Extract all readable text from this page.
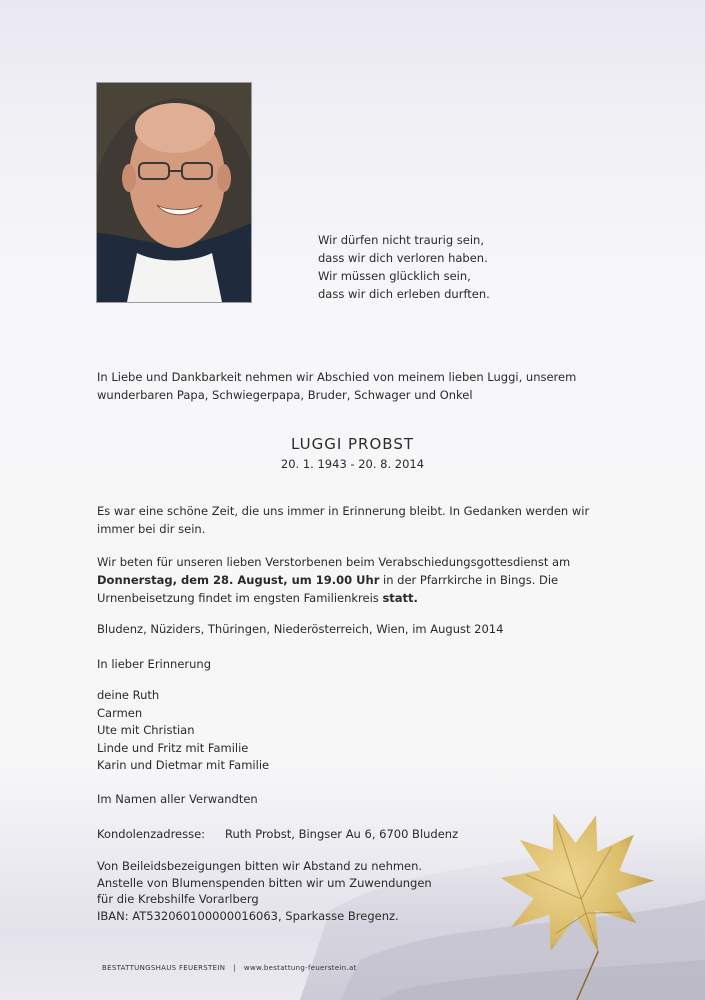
Wir dürfen nicht traurig sein,
dass wir dich verloren haben.
Wir müssen glücklich sein,
dass wir dich erleben durften.
In Liebe und Dankbarkeit nehmen wir Abschied von meinem lieben Luggi, unserem wunderbaren Papa, Schwiegerpapa, Bruder, Schwager und Onkel
LUGGI PROBST
20. 1. 1943 - 20. 8. 2014
Es war eine schöne Zeit, die uns immer in Erinnerung bleibt. In Gedanken werden wir immer bei dir sein.
Wir beten für unseren lieben Verstorbenen beim Verabschiedungsgottesdienst am Donnerstag, dem 28. August, um 19.00 Uhr in der Pfarrkirche in Bings. Die Urnenbeisetzung findet im engsten Familienkreis statt.
Bludenz, Nüziders, Thüringen, Niederösterreich, Wien, im August 2014
In lieber Erinnerung
deine Ruth
Carmen
Ute mit Christian
Linde und Fritz mit Familie
Karin und Dietmar mit Familie
Im Namen aller Verwandten
Kondolenzadresse: Ruth Probst, Bingser Au 6, 6700 Bludenz
Von Beileidsbezeigungen bitten wir Abstand zu nehmen.
Anstelle von Blumenspenden bitten wir um Zuwendungen
für die Krebshilfe Vorarlberg
IBAN: AT532060100000016063, Sparkasse Bregenz.
BESTATTUNGSHAUS FEUERSTEIN | www.bestattung-feuerstein.at
